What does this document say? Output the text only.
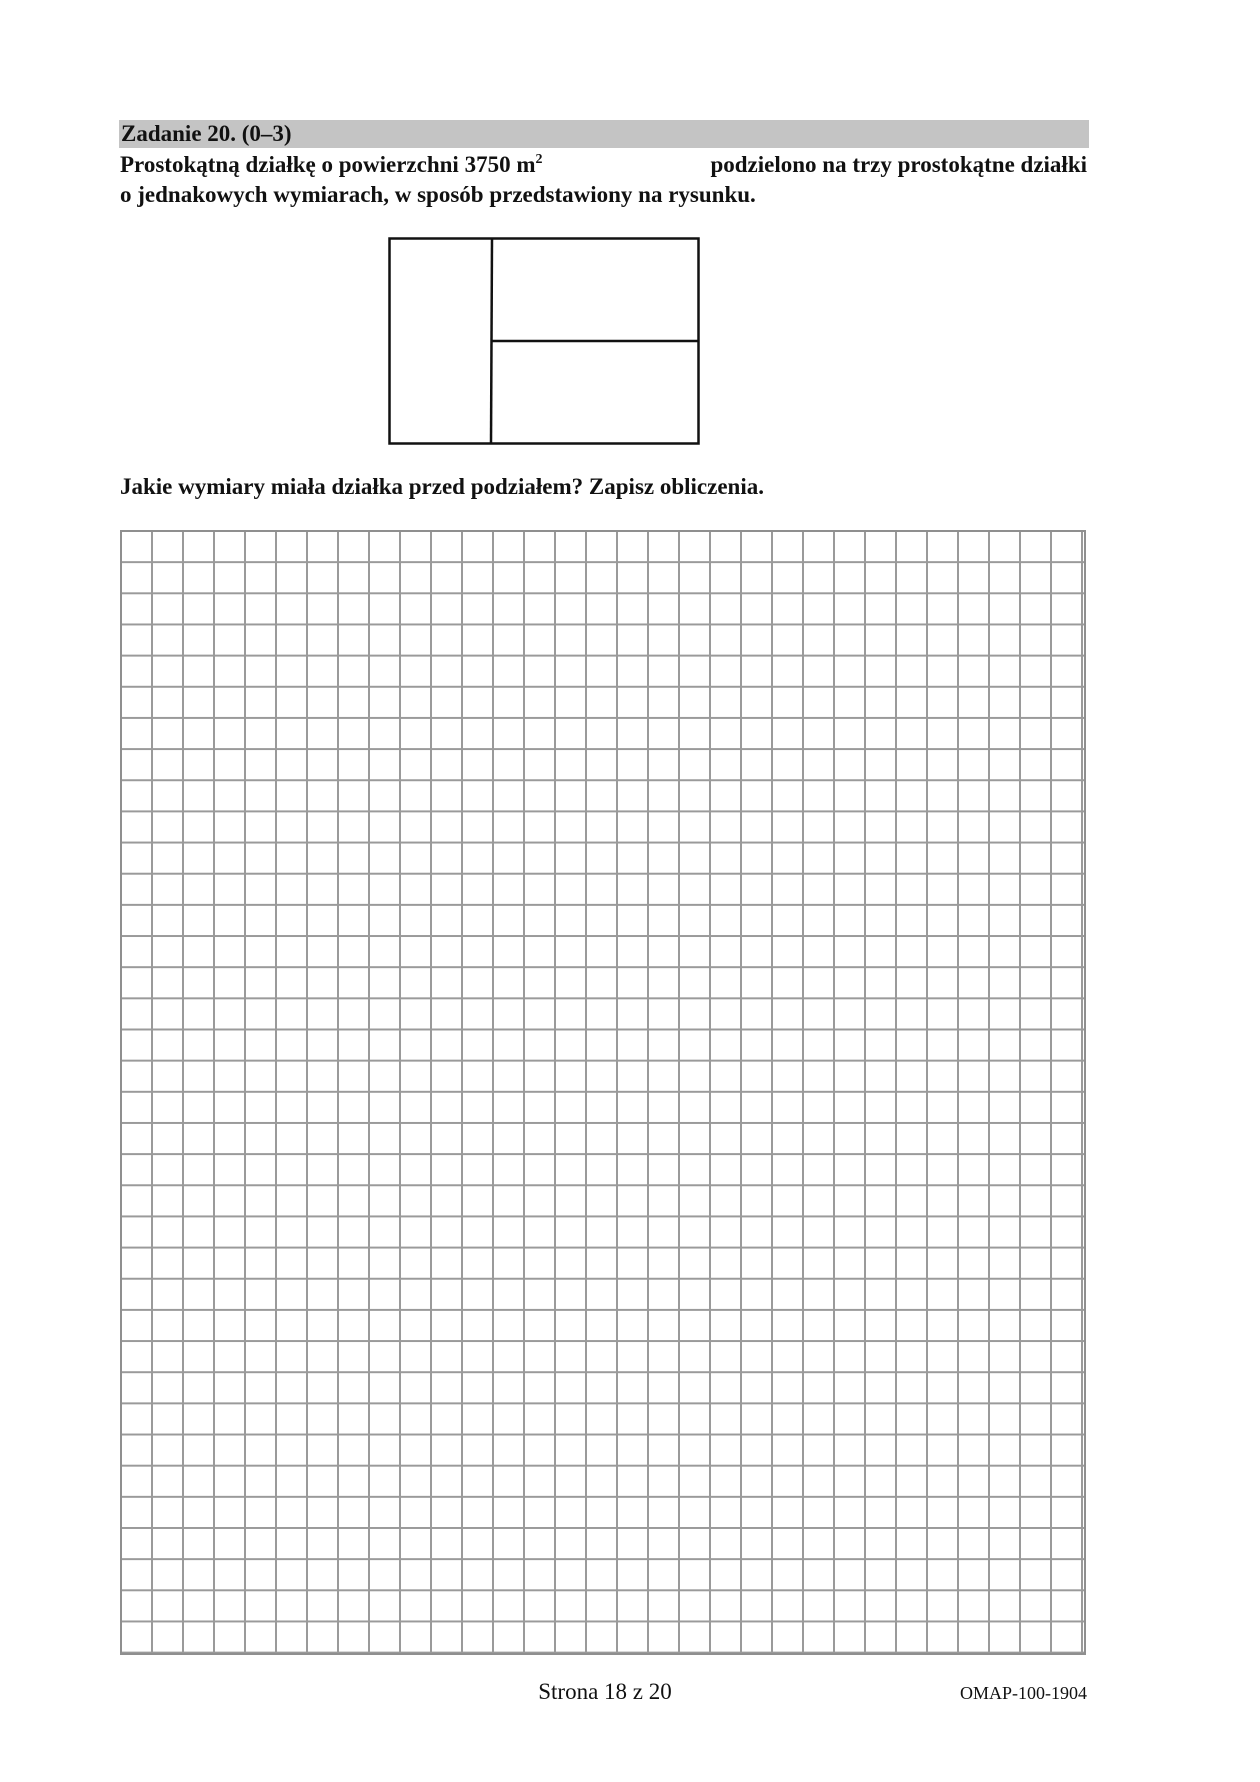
Zadanie 20. (0–3)
Prostokątną działkę o powierzchni 3750 $m^2$	podzielono na trzy prostokątne działki
o jednakowych wymiarach, w sposób przedstawiony na rysunku.
Jakie wymiary miała działka przed podziałem? Zapisz obliczenia.
Strona 18 z 20	OMAP-100-1904
